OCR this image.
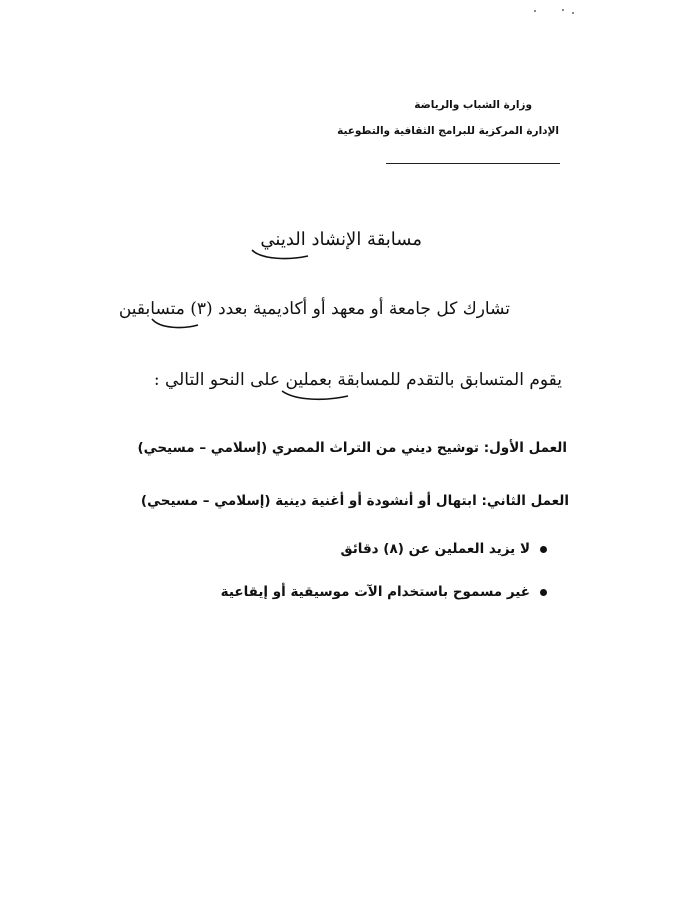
وزارة الشباب والرياضة
الإدارة المركزية للبرامج الثقافية والتطوعية
مسابقة الإنشاد الديني
تشارك كل جامعة أو معهد أو أكاديمية بعدد (٣) متسابقين
يقوم المتسابق بالتقدم للمسابقة بعملين على النحو التالي :
العمل الأول: توشيح ديني من التراث المصري (إسلامي – مسيحي)
العمل الثاني: ابتهال أو أنشودة أو أغنية دينية (إسلامي – مسيحي)
لا يزيد العملين عن (٨) دقائق
غير مسموح باستخدام الآت موسيقية أو إيقاعية
